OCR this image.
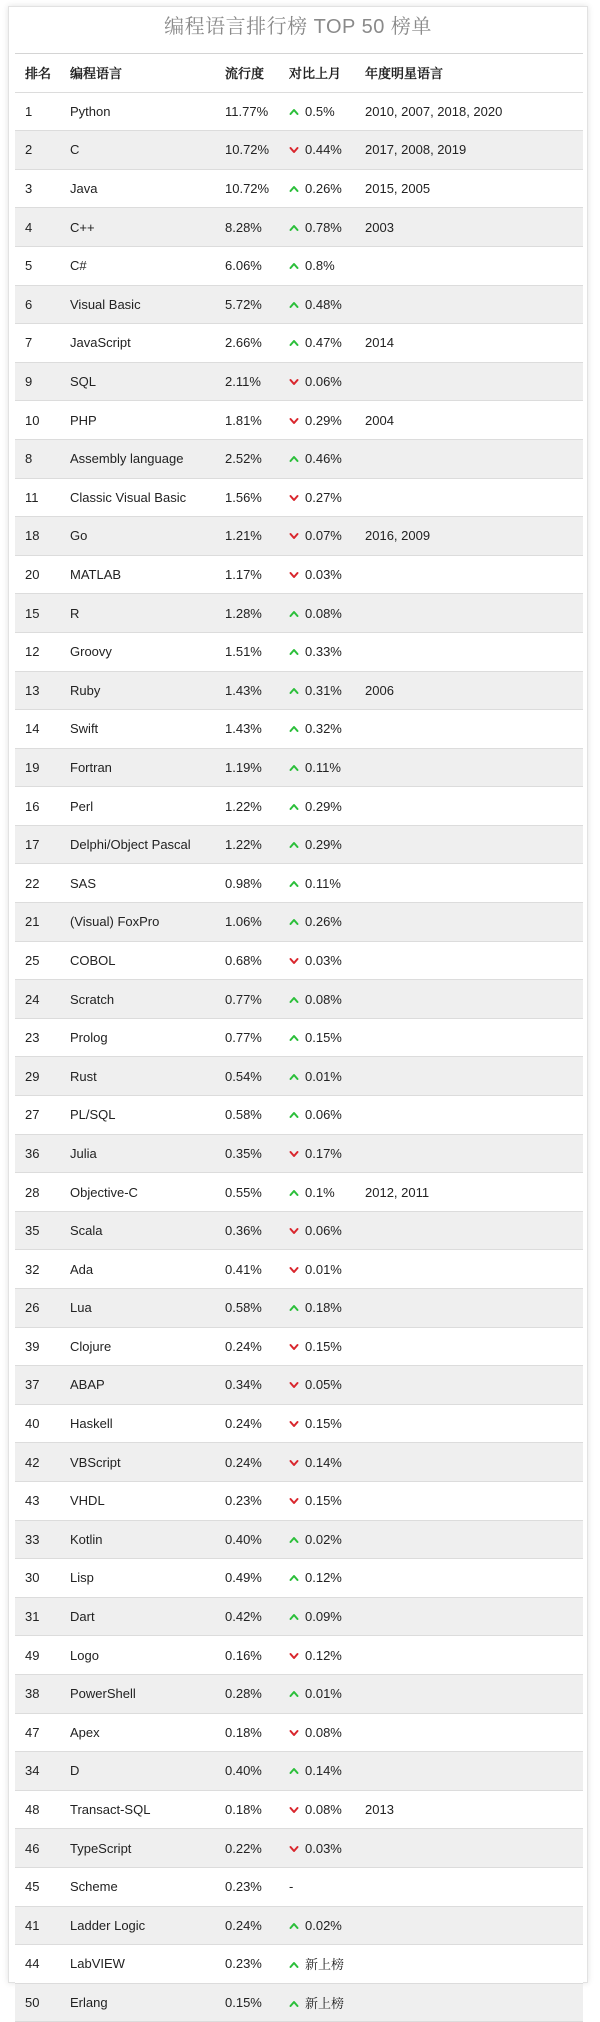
编程语言排行榜 TOP 50 榜单
排名	编程语言	流行度	对比上月	年度明星语言
1	Python	11.77%	0.5%	2010, 2007, 2018, 2020
2	C	10.72%	0.44%	2017, 2008, 2019
3	Java	10.72%	0.26%	2015, 2005
4	C++	8.28%	0.78%	2003
5	C#	6.06%	0.8%	
6	Visual Basic	5.72%	0.48%	
7	JavaScript	2.66%	0.47%	2014
9	SQL	2.11%	0.06%	
10	PHP	1.81%	0.29%	2004
8	Assembly language	2.52%	0.46%	
11	Classic Visual Basic	1.56%	0.27%	
18	Go	1.21%	0.07%	2016, 2009
20	MATLAB	1.17%	0.03%	
15	R	1.28%	0.08%	
12	Groovy	1.51%	0.33%	
13	Ruby	1.43%	0.31%	2006
14	Swift	1.43%	0.32%	
19	Fortran	1.19%	0.11%	
16	Perl	1.22%	0.29%	
17	Delphi/Object Pascal	1.22%	0.29%	
22	SAS	0.98%	0.11%	
21	(Visual) FoxPro	1.06%	0.26%	
25	COBOL	0.68%	0.03%	
24	Scratch	0.77%	0.08%	
23	Prolog	0.77%	0.15%	
29	Rust	0.54%	0.01%	
27	PL/SQL	0.58%	0.06%	
36	Julia	0.35%	0.17%	
28	Objective-C	0.55%	0.1%	2012, 2011
35	Scala	0.36%	0.06%	
32	Ada	0.41%	0.01%	
26	Lua	0.58%	0.18%	
39	Clojure	0.24%	0.15%	
37	ABAP	0.34%	0.05%	
40	Haskell	0.24%	0.15%	
42	VBScript	0.24%	0.14%	
43	VHDL	0.23%	0.15%	
33	Kotlin	0.40%	0.02%	
30	Lisp	0.49%	0.12%	
31	Dart	0.42%	0.09%	
49	Logo	0.16%	0.12%	
38	PowerShell	0.28%	0.01%	
47	Apex	0.18%	0.08%	
34	D	0.40%	0.14%	
48	Transact-SQL	0.18%	0.08%	2013
46	TypeScript	0.22%	0.03%	
45	Scheme	0.23%	-	
41	Ladder Logic	0.24%	0.02%	
44	LabVIEW	0.23%	新上榜	
50	Erlang	0.15%	新上榜	
